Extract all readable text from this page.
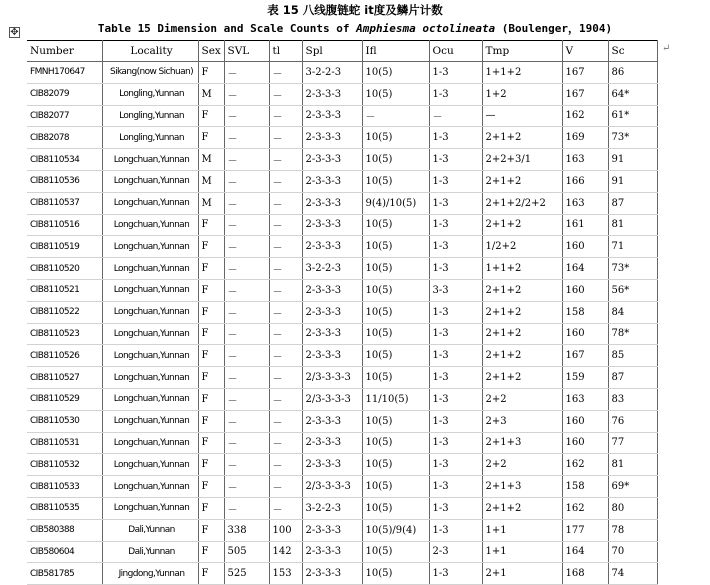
表 15 八线腹链蛇 it度及鳞片计数
Table 15 Dimension and Scale Counts of Amphiesma octolineata (Boulenger，1904)
✥
↵
Number	Locality	Sex	SVL	tl	Spl	Ifl	Ocu	Tmp	V	Sc
FMNH170647	Sikang(now Sichuan)	F	－	－	3-2-2-3	10(5)	1-3	1+1+2	167	86
CIB82079	Longling,Yunnan	M	－	－	2-3-3-3	10(5)	1-3	1+2	167	64*
CIB82077	Longling,Yunnan	F	－	－	2-3-3-3	－	－	—	162	61*
CIB82078	Longling,Yunnan	F	－	－	2-3-3-3	10(5)	1-3	2+1+2	169	73*
CIB8110534	Longchuan,Yunnan	M	－	－	2-3-3-3	10(5)	1-3	2+2+3/1	163	91
CIB8110536	Longchuan,Yunnan	M	－	－	2-3-3-3	10(5)	1-3	2+1+2	166	91
CIB8110537	Longchuan,Yunnan	M	－	－	2-3-3-3	9(4)/10(5)	1-3	2+1+2/2+2	163	87
CIB8110516	Longchuan,Yunnan	F	－	－	2-3-3-3	10(5)	1-3	2+1+2	161	81
CIB8110519	Longchuan,Yunnan	F	－	－	2-3-3-3	10(5)	1-3	1/2+2	160	71
CIB8110520	Longchuan,Yunnan	F	－	－	3-2-2-3	10(5)	1-3	1+1+2	164	73*
CIB8110521	Longchuan,Yunnan	F	－	－	2-3-3-3	10(5)	3-3	2+1+2	160	56*
CIB8110522	Longchuan,Yunnan	F	－	－	2-3-3-3	10(5)	1-3	2+1+2	158	84
CIB8110523	Longchuan,Yunnan	F	－	－	2-3-3-3	10(5)	1-3	2+1+2	160	78*
CIB8110526	Longchuan,Yunnan	F	－	－	2-3-3-3	10(5)	1-3	2+1+2	167	85
CIB8110527	Longchuan,Yunnan	F	－	－	2/3-3-3-3	10(5)	1-3	2+1+2	159	87
CIB8110529	Longchuan,Yunnan	F	－	－	2/3-3-3-3	11/10(5)	1-3	2+2	163	83
CIB8110530	Longchuan,Yunnan	F	－	－	2-3-3-3	10(5)	1-3	2+3	160	76
CIB8110531	Longchuan,Yunnan	F	－	－	2-3-3-3	10(5)	1-3	2+1+3	160	77
CIB8110532	Longchuan,Yunnan	F	－	－	2-3-3-3	10(5)	1-3	2+2	162	81
CIB8110533	Longchuan,Yunnan	F	－	－	2/3-3-3-3	10(5)	1-3	2+1+3	158	69*
CIB8110535	Longchuan,Yunnan	F	－	－	3-2-2-3	10(5)	1-3	2+1+2	162	80
CIB580388	Dali,Yunnan	F	338	100	2-3-3-3	10(5)/9(4)	1-3	1+1	177	78
CIB580604	Dali,Yunnan	F	505	142	2-3-3-3	10(5)	2-3	1+1	164	70
CIB581785	Jingdong,Yunnan	F	525	153	2-3-3-3	10(5)	1-3	2+1	168	74
